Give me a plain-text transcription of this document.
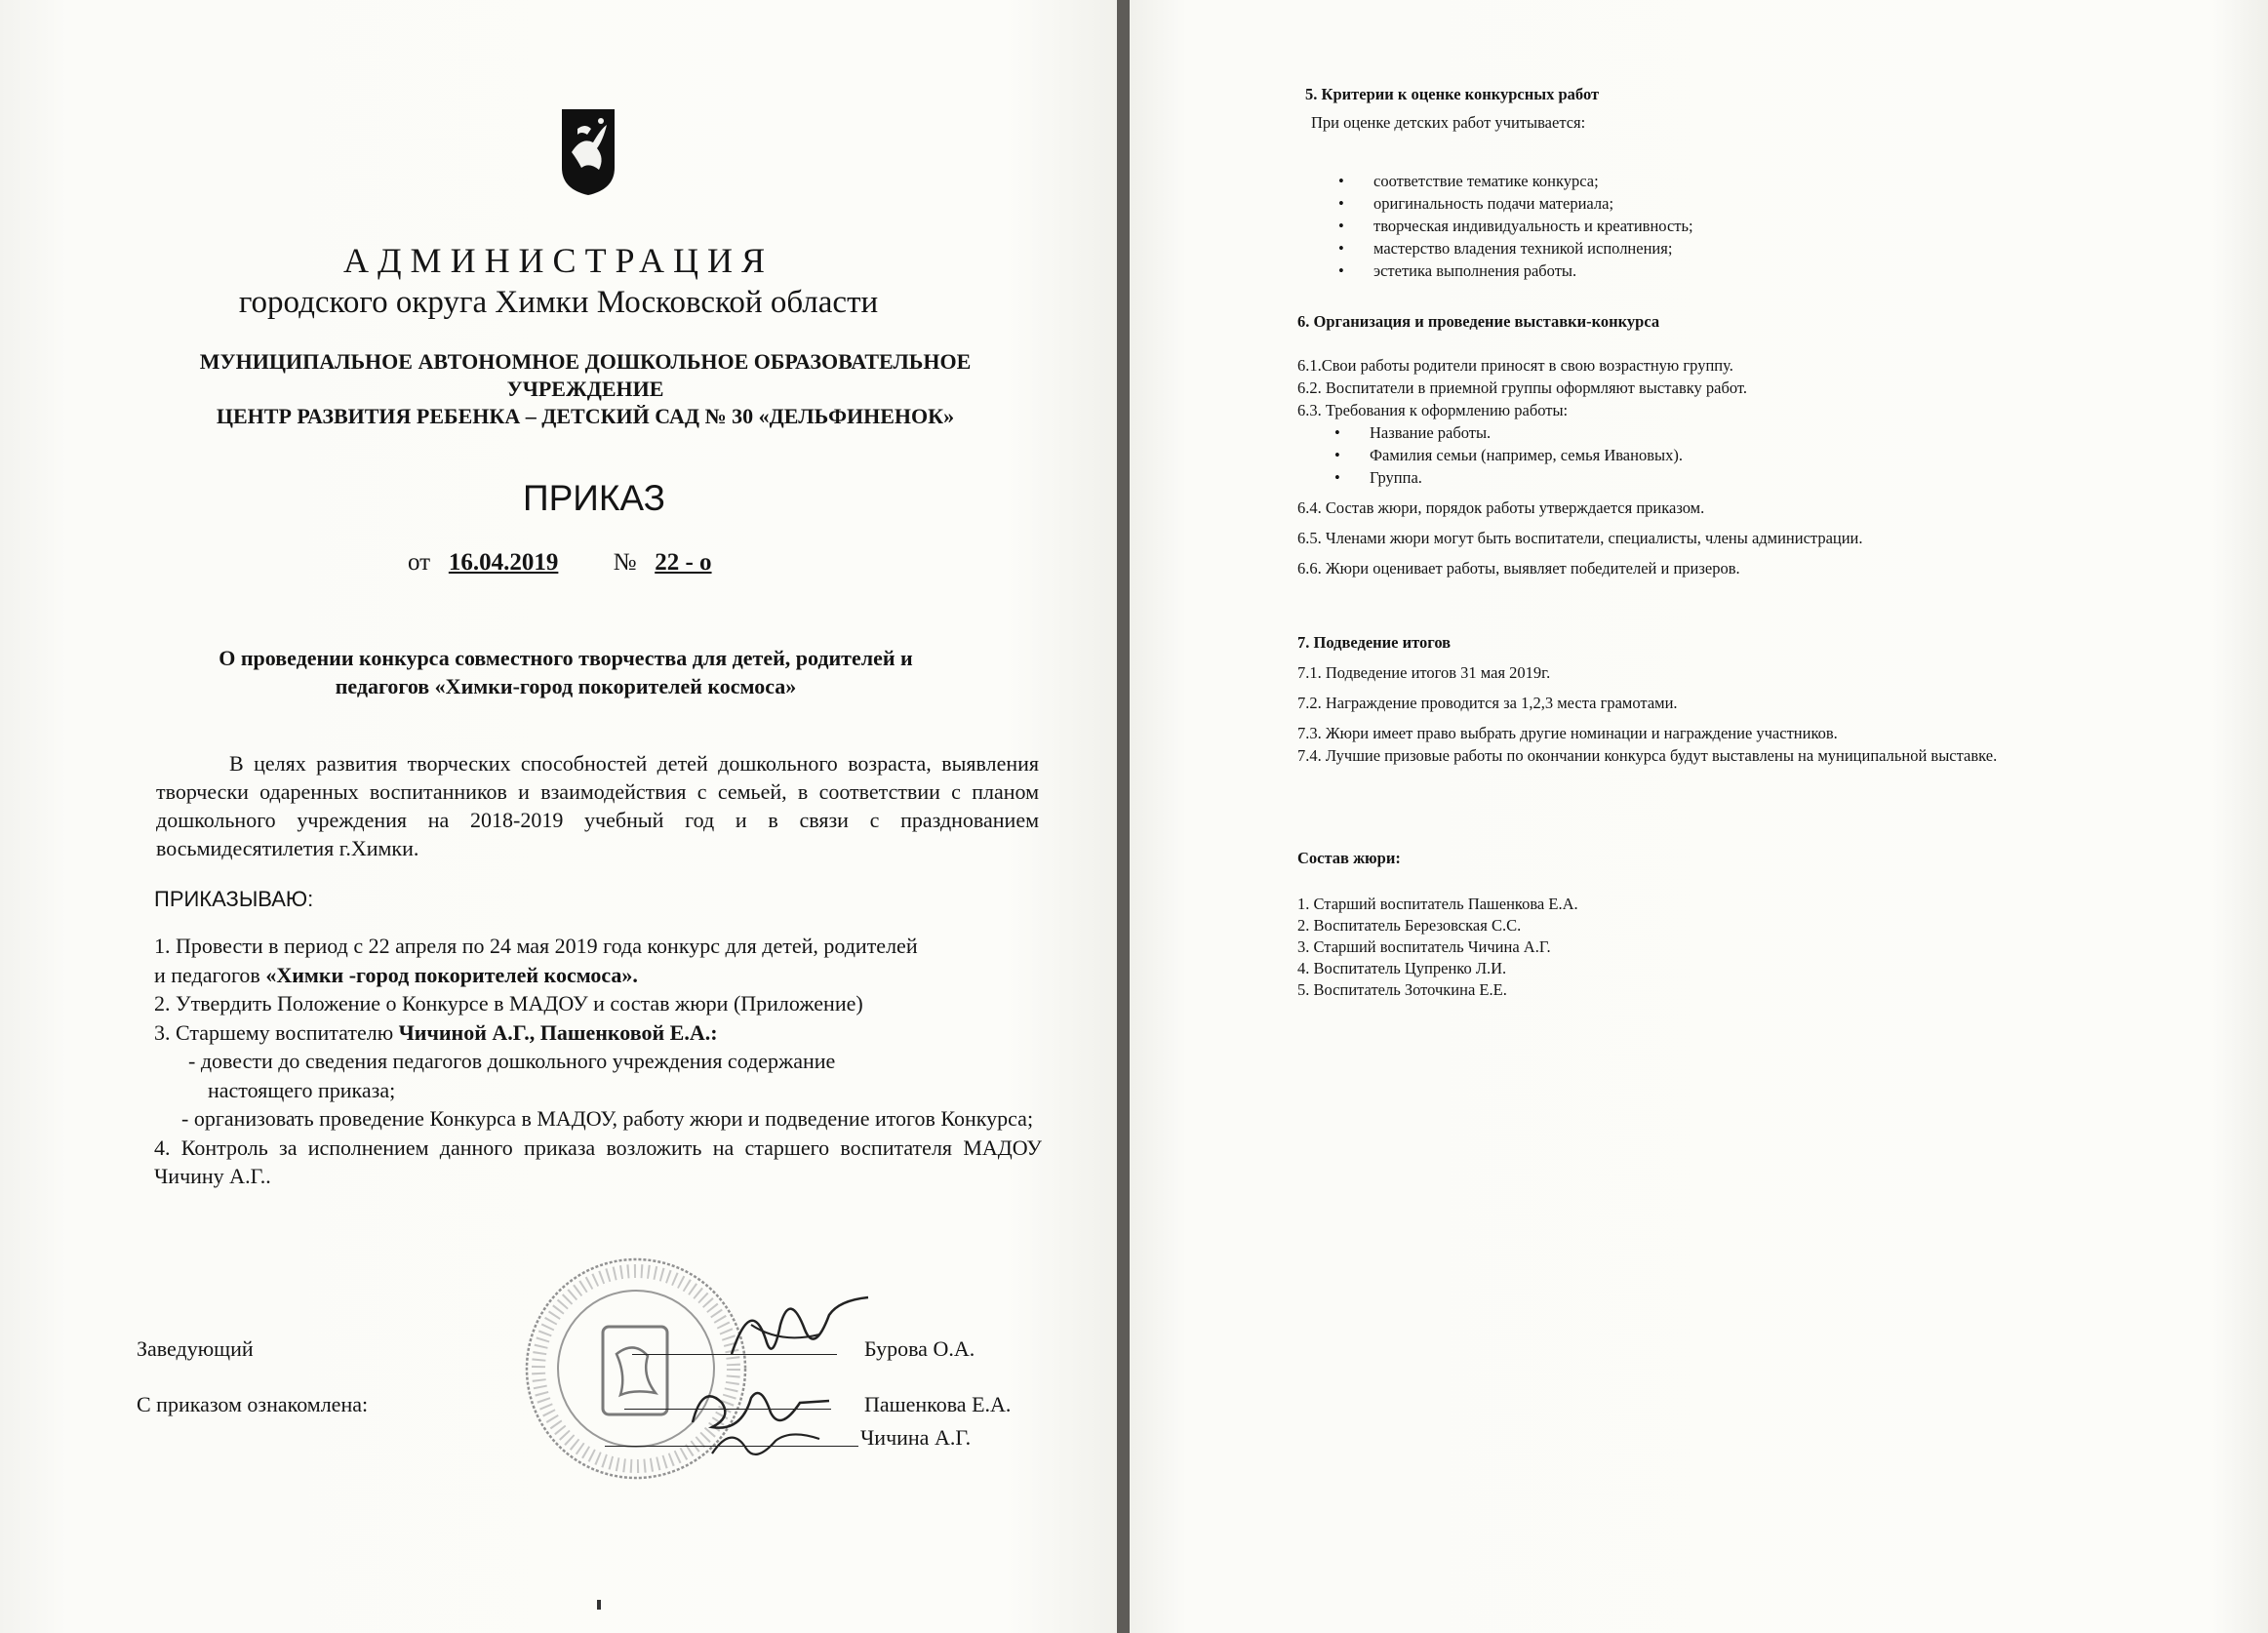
АДМИНИСТРАЦИЯ
городского округа Химки Московской области
МУНИЦИПАЛЬНОЕ АВТОНОМНОЕ ДОШКОЛЬНОЕ ОБРАЗОВАТЕЛЬНОЕ
УЧРЕЖДЕНИЕ
ЦЕНТР РАЗВИТИЯ РЕБЕНКА – ДЕТСКИЙ САД № 30 «ДЕЛЬФИНЕНОК»
ПРИКАЗ
от 16.04.2019 № 22 - о
О проведении конкурса совместного творчества для детей, родителей и
педагогов «Химки-город покорителей космоса»
В целях развития творческих способностей детей дошкольного возраста, выявления творчески одаренных воспитанников и взаимодействия с семьей, в соответствии с планом дошкольного учреждения на 2018-2019 учебный год и в связи с празднованием восьмидесятилетия г.Химки.
ПРИКАЗЫВАЮ:

1. Провести в период с 22 апреля по 24 мая 2019 года конкурс для детей, родителей

и педагогов «Химки -город покорителей космоса».

2. Утвердить Положение о Конкурсе в МАДОУ и состав жюри (Приложение)

3. Старшему воспитателю Чичиной А.Г., Пашенковой Е.А.:

- довести до сведения педагогов дошкольного учреждения содержание

настоящего приказа;

- организовать проведение Конкурса в МАДОУ, работу жюри и подведение итогов Конкурса;

4. Контроль за исполнением данного приказа возложить на старшего воспитателя МАДОУ Чичину А.Г..

Заведующий	Бурова О.А.
С приказом ознакомлена:	Пашенкова Е.А.
Чичина А.Г.

5. Критерии к оценке конкурсных работ

При оценке детских работ учитывается:

• соответствие тематике конкурса;
• оригинальность подачи материала;
• творческая индивидуальность и креативность;
• мастерство владения техникой исполнения;
• эстетика выполнения работы.

6. Организация и проведение выставки-конкурса

6.1.Свои работы родители приносят в свою возрастную группу.

6.2. Воспитатели в приемной группы оформляют выставку работ.

6.3. Требования к оформлению работы:

• Название работы.
• Фамилия семьи (например, семья Ивановых).
• Группа.

6.4. Состав жюри, порядок работы утверждается приказом.

6.5. Членами жюри могут быть воспитатели, специалисты, члены администрации.

6.6. Жюри оценивает работы, выявляет победителей и призеров.

7. Подведение итогов

7.1. Подведение итогов 31 мая 2019г.

7.2. Награждение проводится за 1,2,3 места грамотами.

7.3. Жюри имеет право выбрать другие номинации и награждение участников.

7.4. Лучшие призовые работы по окончании конкурса будут выставлены на муниципальной выставке.

Состав жюри:

1. Старший воспитатель Пашенкова Е.А.

2. Воспитатель Березовская С.С.

3. Старший воспитатель Чичина А.Г.

4. Воспитатель Цупренко Л.И.

5. Воспитатель Зоточкина Е.Е.
